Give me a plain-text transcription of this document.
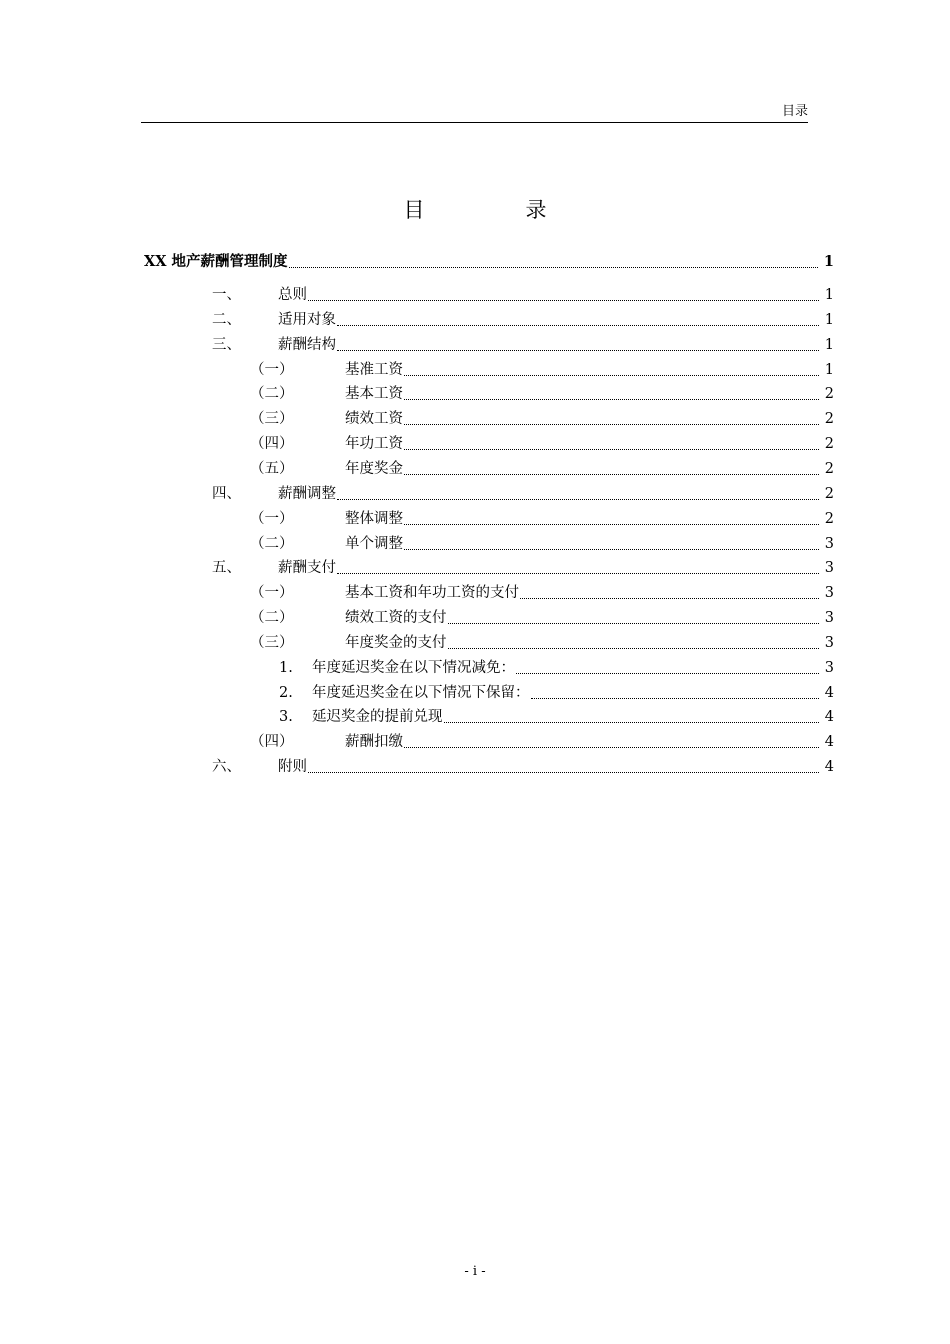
目录
目　录
XX 地产薪酬管理制度	1
一、	总则	1
二、	适用对象	1
三、	薪酬结构	1
（一）	基准工资	1
（二）	基本工资	2
（三）	绩效工资	2
（四）	年功工资	2
（五）	年度奖金	2
四、	薪酬调整	2
（一）	整体调整	2
（二）	单个调整	3
五、	薪酬支付	3
（一）	基本工资和年功工资的支付	3
（二）	绩效工资的支付	3
（三）	年度奖金的支付	3
1.	年度延迟奖金在以下情况减免：	3
2.	年度延迟奖金在以下情况下保留：	4
3.	延迟奖金的提前兑现	4
（四）	薪酬扣缴	4
六、	附则	4
- i -
